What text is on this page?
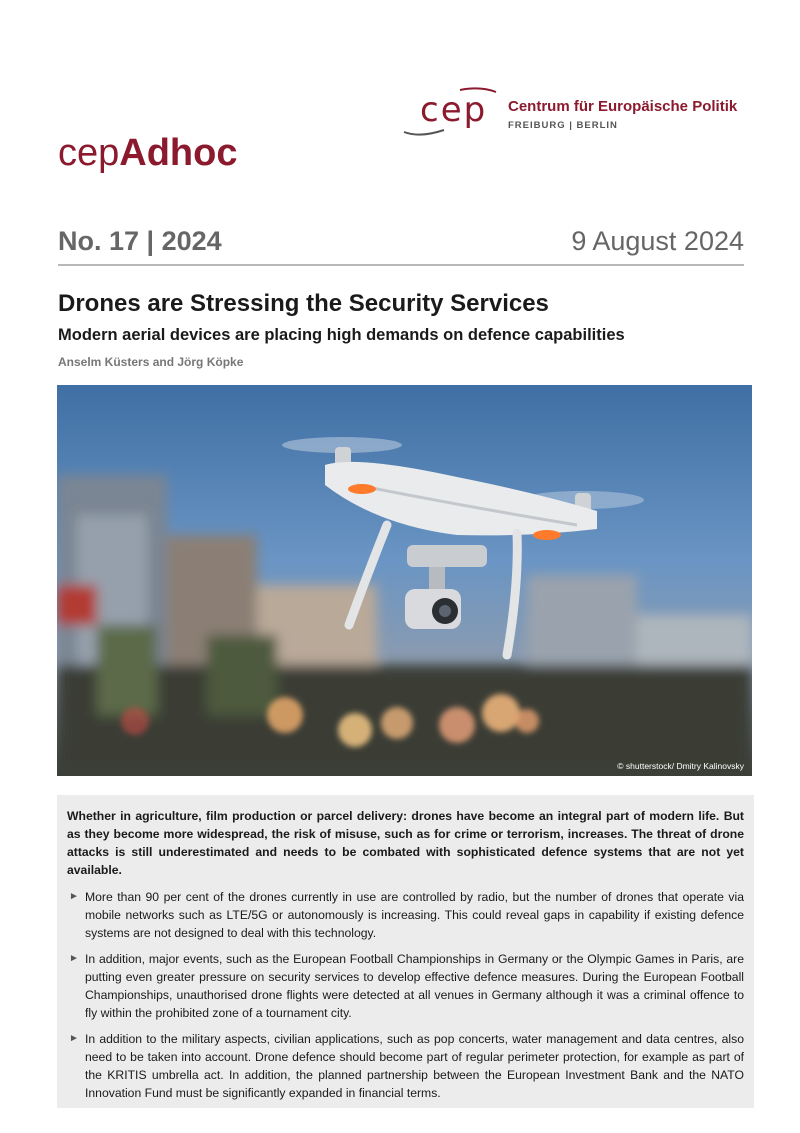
cep Centrum für Europäische Politik
FREIBURG | BERLIN
cepAdhoc
No. 17 | 2024	9 August 2024
Drones are Stressing the Security Services
Modern aerial devices are placing high demands on defence capabilities
Anselm Küsters and Jörg Köpke
© shutterstock/ Dmitry Kalinovsky

Whether in agriculture, film production or parcel delivery: drones have become an integral part of modern life. But as they become more widespread, the risk of misuse, such as for crime or terrorism, increases. The threat of drone attacks is still underestimated and needs to be combated with sophisticated defence systems that are not yet available.

► More than 90 per cent of the drones currently in use are controlled by radio, but the number of drones that operate via mobile networks such as LTE/5G or autonomously is increasing. This could reveal gaps in capability if existing defence systems are not designed to deal with this technology.
► In addition, major events, such as the European Football Championships in Germany or the Olympic Games in Paris, are putting even greater pressure on security services to develop effective defence measures. During the European Football Championships, unauthorised drone flights were detected at all venues in Germany although it was a criminal offence to fly within the prohibited zone of a tournament city.
► In addition to the military aspects, civilian applications, such as pop concerts, water management and data centres, also need to be taken into account. Drone defence should become part of regular perimeter protection, for example as part of the KRITIS umbrella act. In addition, the planned partnership between the European Investment Bank and the NATO Innovation Fund must be significantly expanded in financial terms.
